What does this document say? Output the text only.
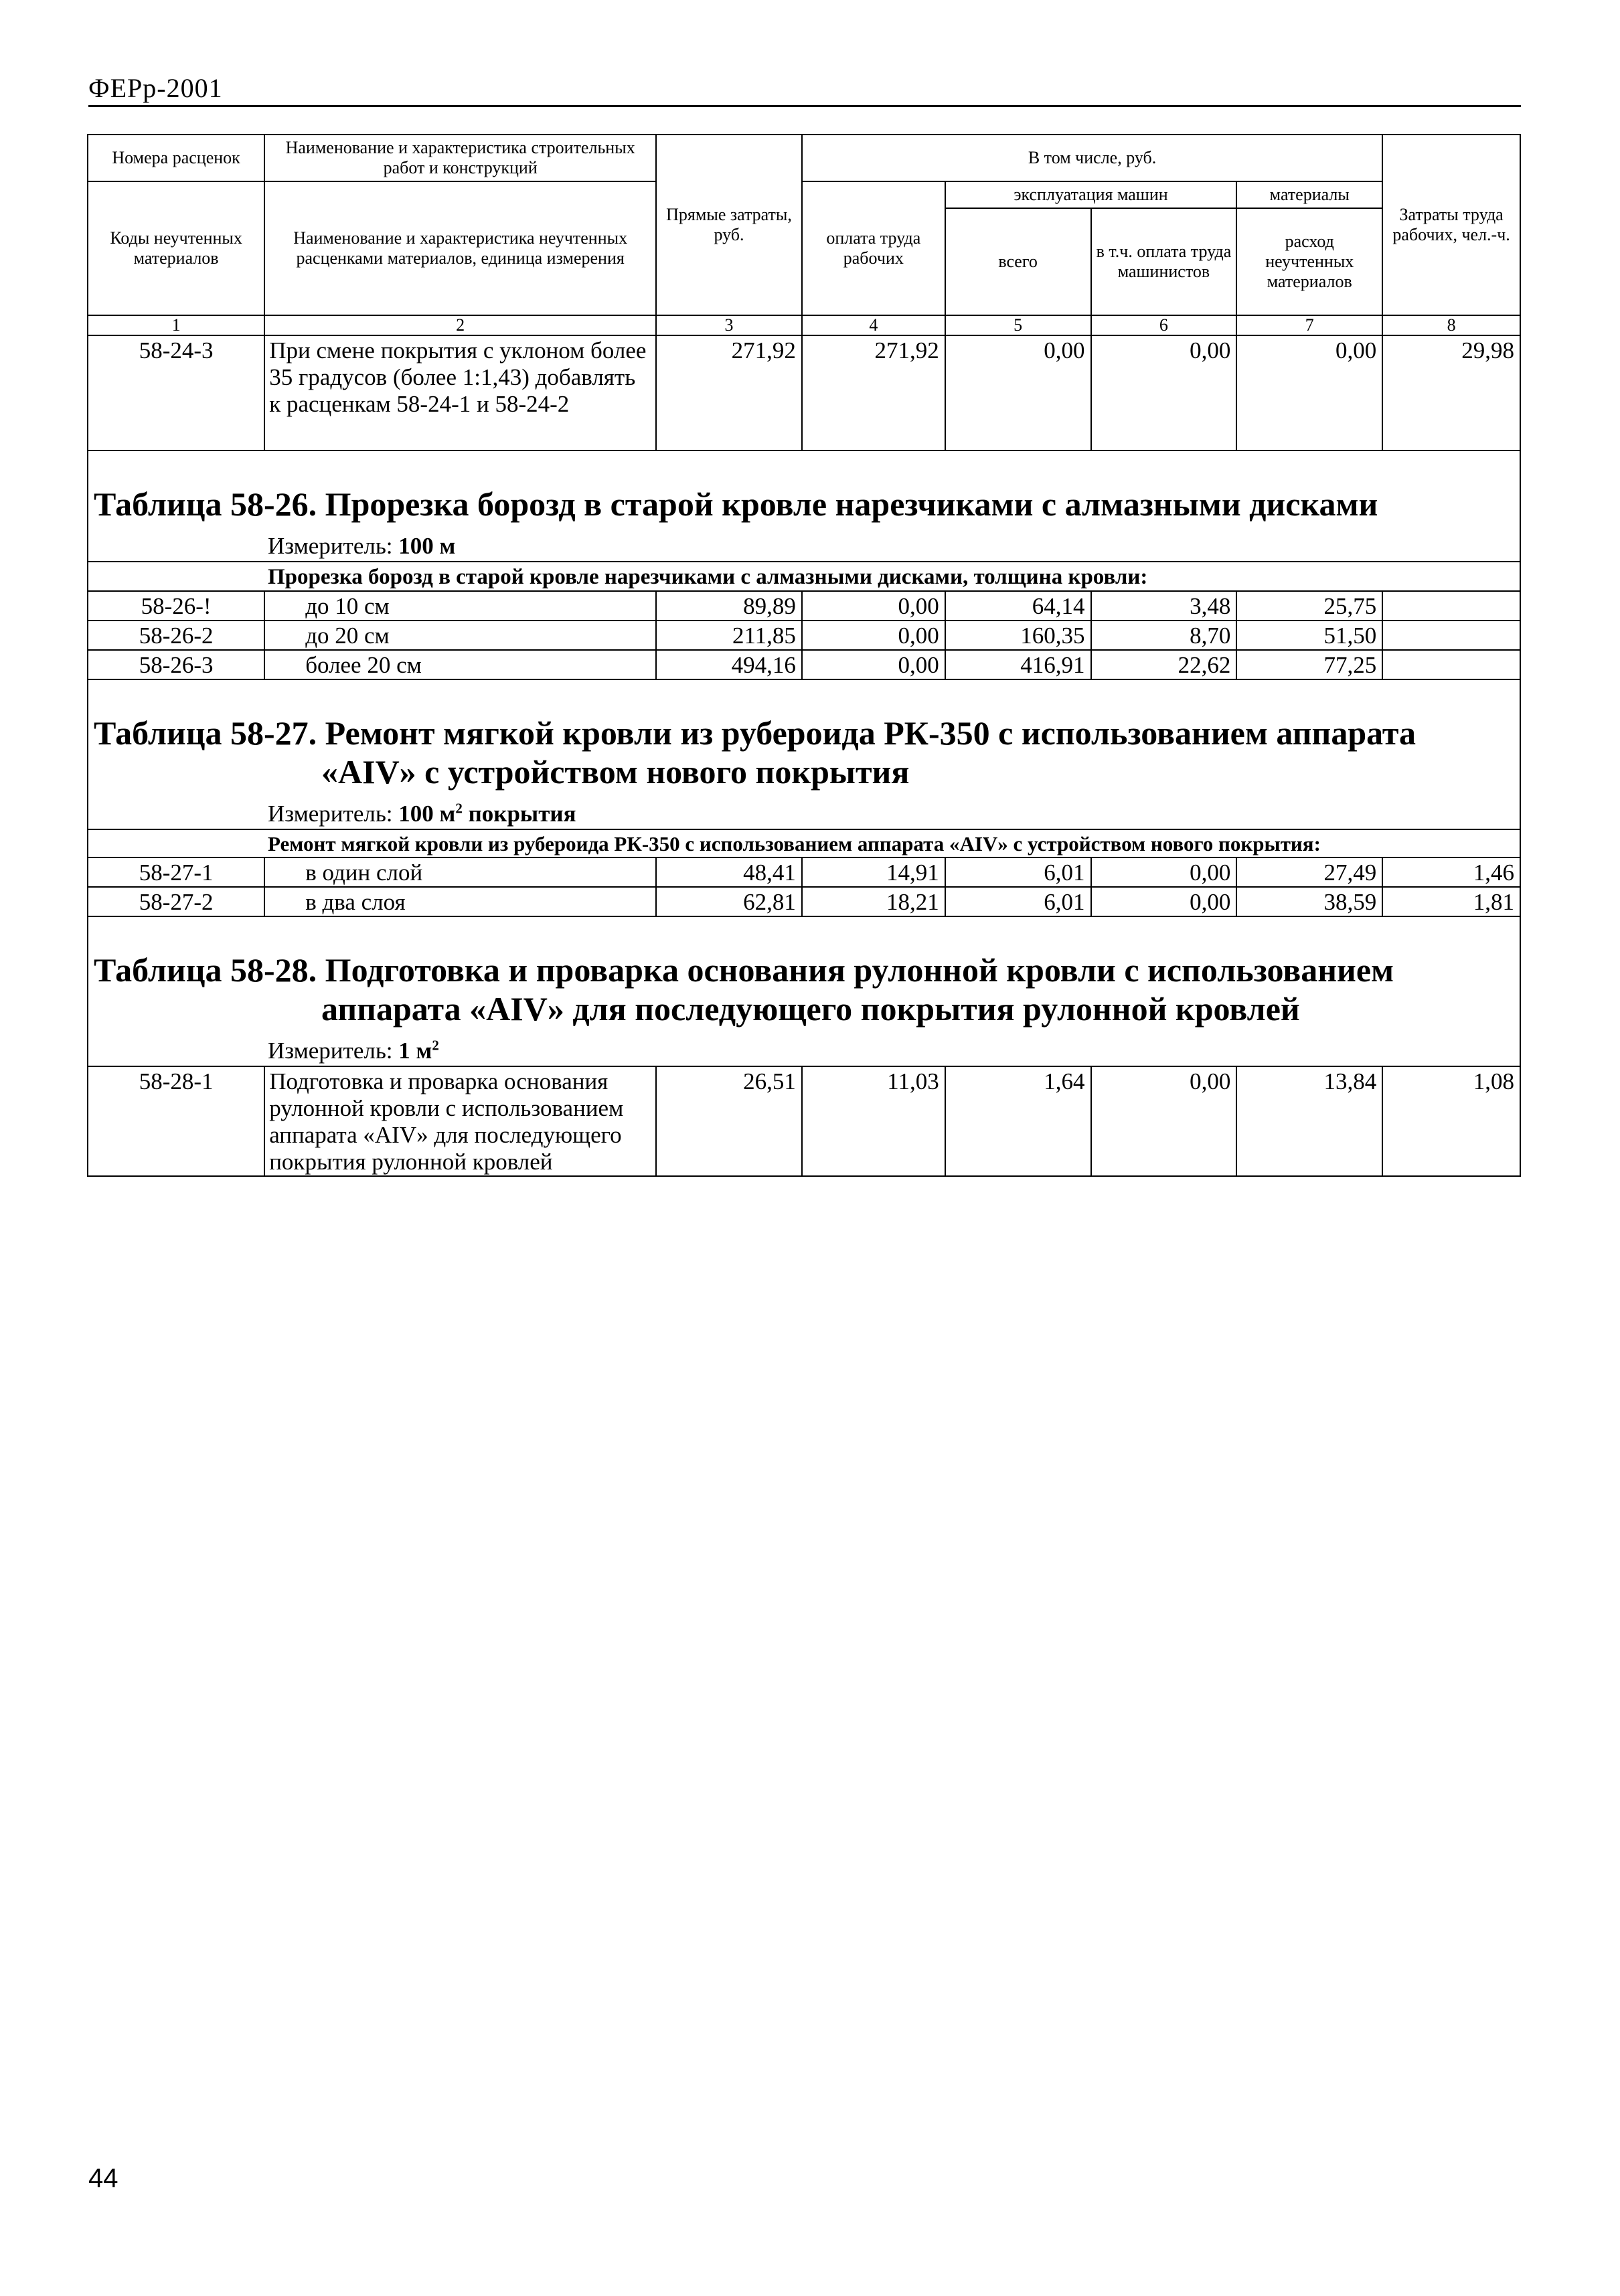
ФЕРр-2001
Номера расценок	Наименование и характеристика строительных работ и конструкций	Прямые затраты, руб.	В том числе, руб.				Затраты труда рабочих, чел.-ч.
Коды неучтенных материалов	Наименование и характеристика неучтенных расценками материалов, единица измерения		оплата труда рабочих	эксплуатация машин		материалы	
				всего	в т.ч. оплата труда машинистов	расход неучтенных материалов	
1	2	3	4	5	6	7	8
58-24-3	При смене покрытия с уклоном более 35 градусов (более 1:1,43) добавлять к расценкам 58-24-1 и 58-24-2	271,92	271,92	0,00	0,00	0,00	29,98

Таблица 58-26. Прорезка борозд в старой кровле нарезчиками с алмазными дисками							

Измеритель: 100 м							
Прорезка борозд в старой кровле нарезчиками с алмазными дисками, толщина кровли:							
58-26-!	до 10 см	89,89	0,00	64,14	3,48	25,75	
58-26-2	до 20 см	211,85	0,00	160,35	8,70	51,50	
58-26-3	более 20 см	494,16	0,00	416,91	22,62	77,25	

Таблица 58-27. Ремонт мягкой кровли из рубероида РК-350 с использованием аппарата
«AIV» с устройством нового покрытия							

Измеритель: 100 $м^2$ покрытия							
Ремонт мягкой кровли из рубероида РК-350 с использованием аппарата «AIV» с устройством нового покрытия:							
58-27-1	в один слой	48,41	14,91	6,01	0,00	27,49	1,46
58-27-2	в два слоя	62,81	18,21	6,01	0,00	38,59	1,81

Таблица 58-28. Подготовка и проварка основания рулонной кровли с использованием
аппарата «AIV» для последующего покрытия рулонной кровлей							

Измеритель: 1 $м^2$
58-28-1	Подготовка и проварка основания рулонной кровли с использованием аппарата «AIV» для последующего покрытия рулонной кровлей	26,51	11,03	1,64	0,00	13,84	1,08
44
